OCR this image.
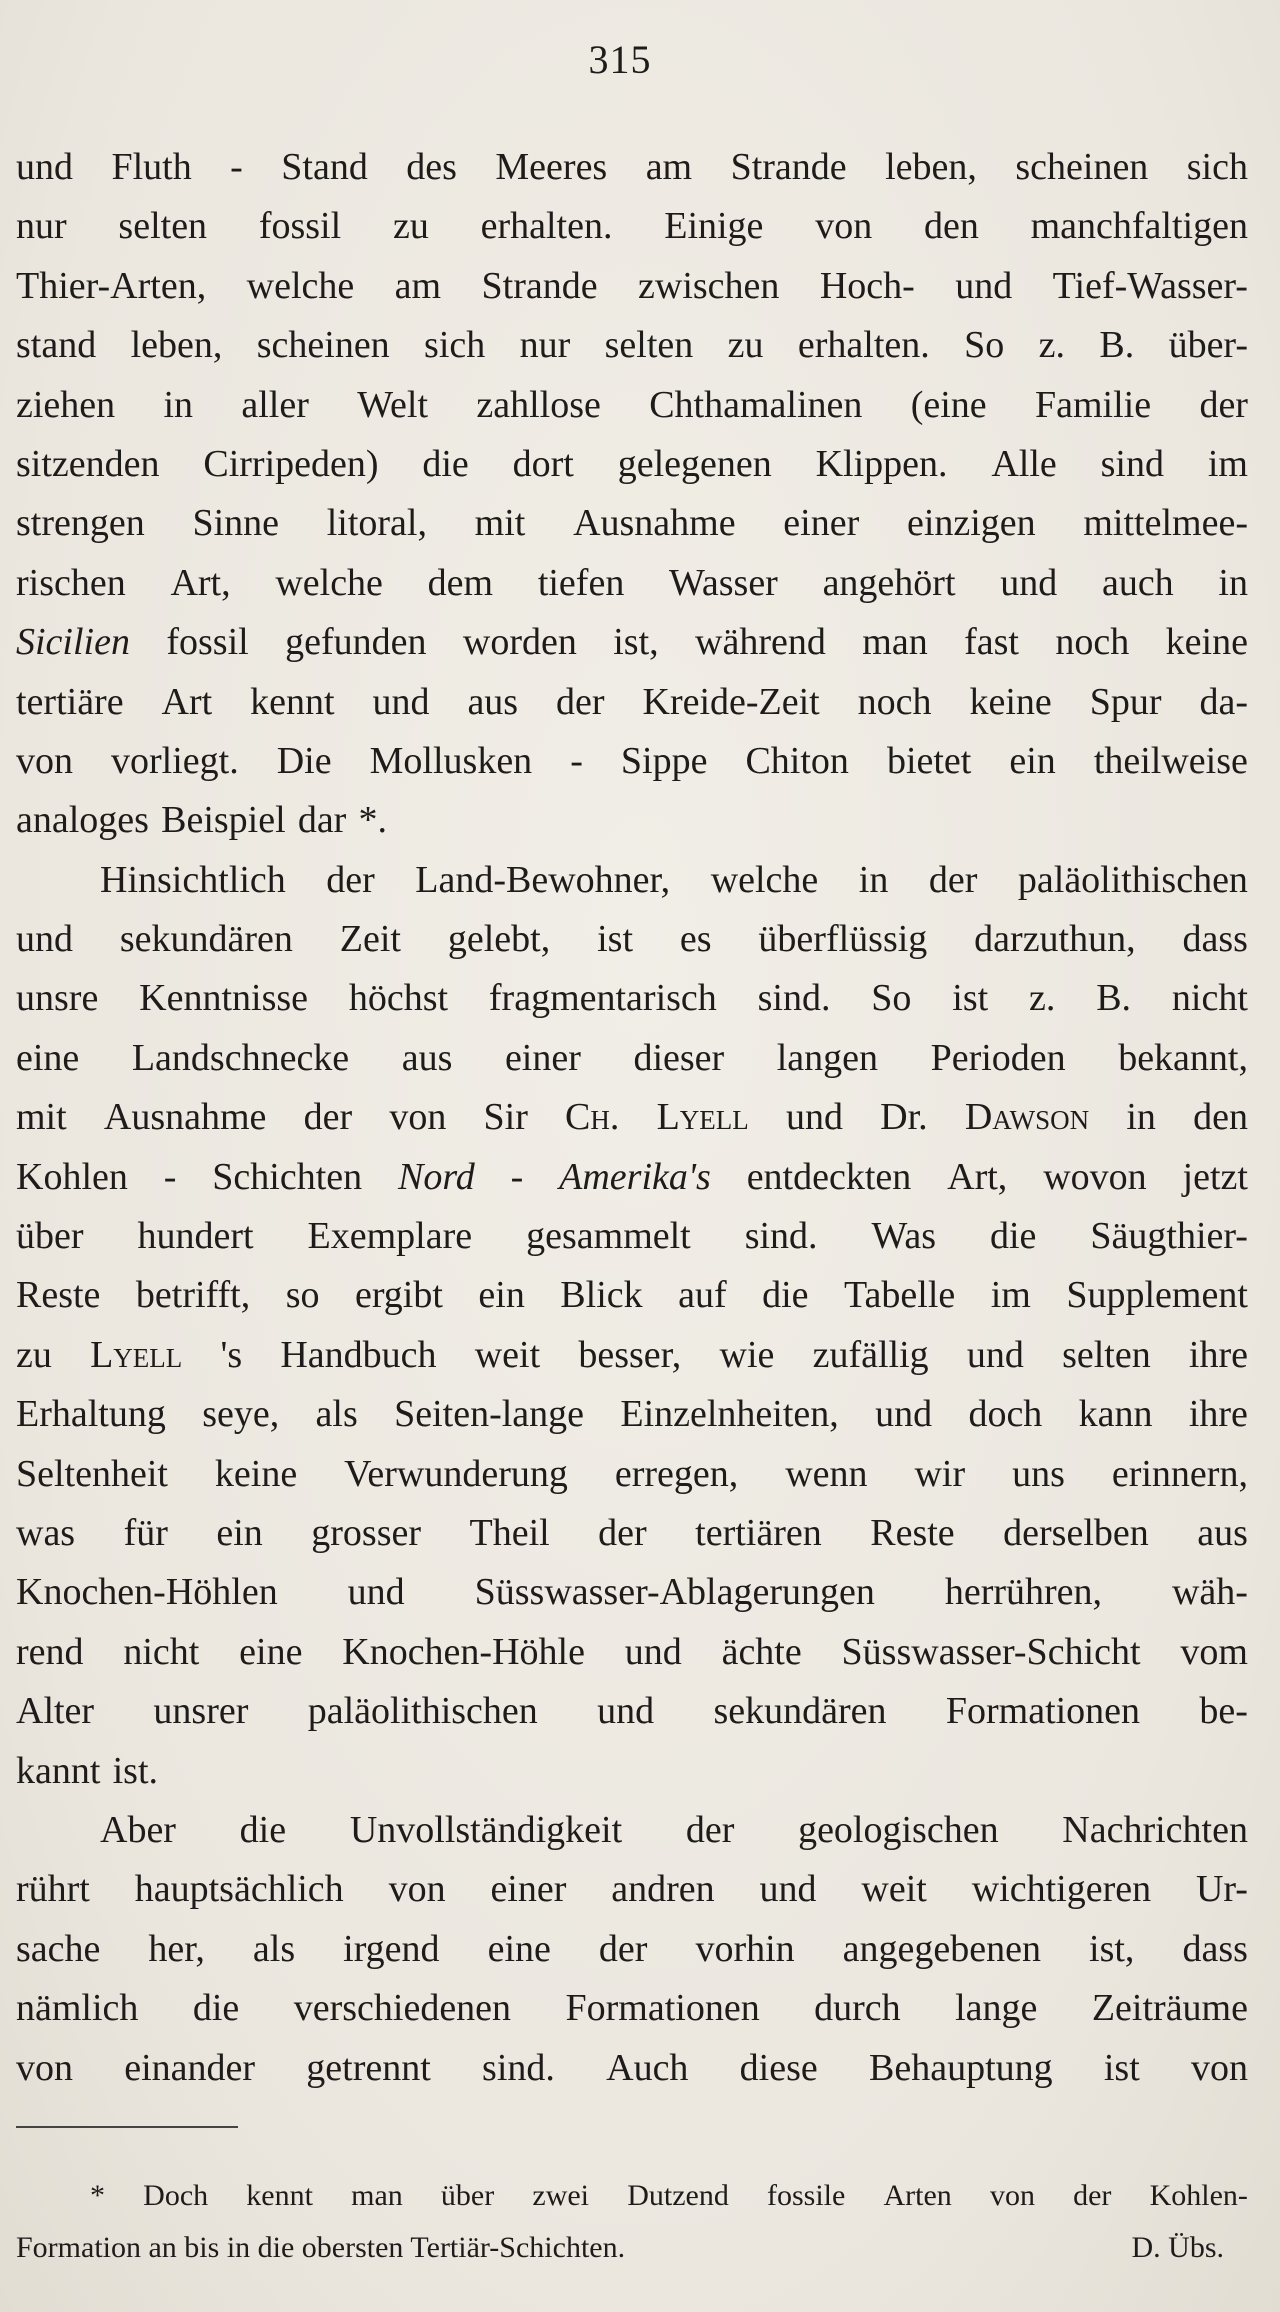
315
und Fluth - Stand des Meeres am Strande leben, scheinen sich
nur selten fossil zu erhalten. Einige von den manchfaltigen
Thier-Arten, welche am Strande zwischen Hoch- und Tief-Wasser-
stand leben, scheinen sich nur selten zu erhalten. So z. B. über-
ziehen in aller Welt zahllose Chthamalinen (eine Familie der
sitzenden Cirripeden) die dort gelegenen Klippen. Alle sind im
strengen Sinne litoral, mit Ausnahme einer einzigen mittelmee-
rischen Art, welche dem tiefen Wasser angehört und auch in
Sicilien fossil gefunden worden ist, während man fast noch keine
tertiäre Art kennt und aus der Kreide-Zeit noch keine Spur da-
von vorliegt. Die Mollusken - Sippe Chiton bietet ein theilweise
analoges Beispiel dar *.
Hinsichtlich der Land-Bewohner, welche in der paläolithischen
und sekundären Zeit gelebt, ist es überflüssig darzuthun, dass
unsre Kenntnisse höchst fragmentarisch sind. So ist z. B. nicht
eine Landschnecke aus einer dieser langen Perioden bekannt,
mit Ausnahme der von Sir Ch. Lyell und Dr. Dawson in den
Kohlen - Schichten Nord - Amerika's entdeckten Art, wovon jetzt
über hundert Exemplare gesammelt sind. Was die Säugthier-
Reste betrifft, so ergibt ein Blick auf die Tabelle im Supplement
zu Lyell 's Handbuch weit besser, wie zufällig und selten ihre
Erhaltung seye, als Seiten-lange Einzelnheiten, und doch kann ihre
Seltenheit keine Verwunderung erregen, wenn wir uns erinnern,
was für ein grosser Theil der tertiären Reste derselben aus
Knochen-Höhlen und Süsswasser-Ablagerungen herrühren, wäh-
rend nicht eine Knochen-Höhle und ächte Süsswasser-Schicht vom
Alter unsrer paläolithischen und sekundären Formationen be-
kannt ist.
Aber die Unvollständigkeit der geologischen Nachrichten
rührt hauptsächlich von einer andren und weit wichtigeren Ur-
sache her, als irgend eine der vorhin angegebenen ist, dass
nämlich die verschiedenen Formationen durch lange Zeiträume
von einander getrennt sind. Auch diese Behauptung ist von
* Doch kennt man über zwei Dutzend fossile Arten von der Kohlen-
Formation an bis in die obersten Tertiär-Schichten.	D. Übs.
